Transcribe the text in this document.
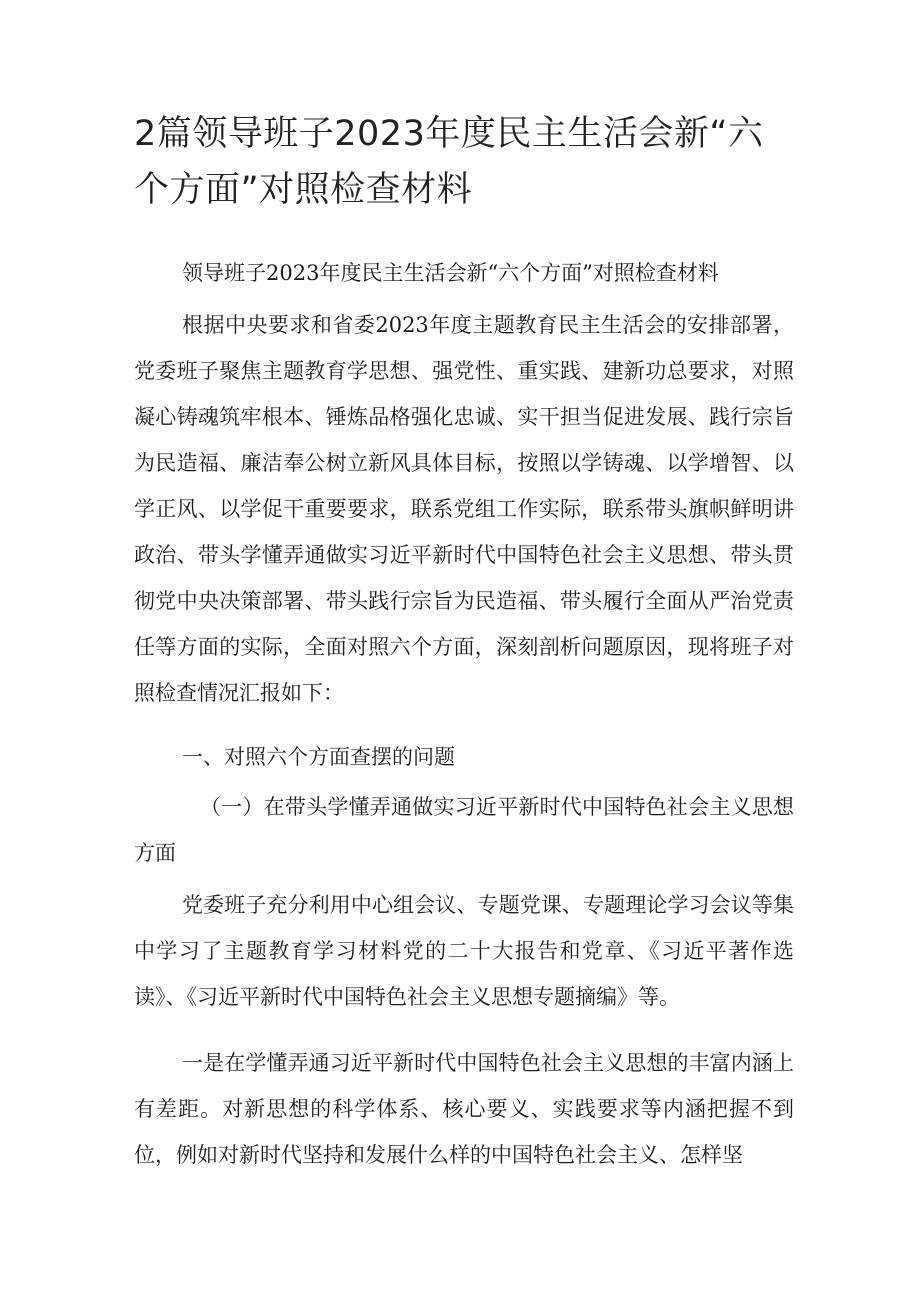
2篇领导班子2023年度民主生活会新“六个方面”对照检查材料

领导班子2023年度民主生活会新“六个方面”对照检查材料

根据中央要求和省委2023年度主题教育民主生活会的安排部署，党委班子聚焦主题教育学思想、强党性、重实践、建新功总要求，对照凝心铸魂筑牢根本、锤炼品格强化忠诚、实干担当促进发展、践行宗旨为民造福、廉洁奉公树立新风具体目标，按照以学铸魂、以学增智、以学正风、以学促干重要要求，联系党组工作实际，联系带头旗帜鲜明讲政治、带头学懂弄通做实习近平新时代中国特色社会主义思想、带头贯彻党中央决策部署、带头践行宗旨为民造福、带头履行全面从严治党责任等方面的实际，全面对照六个方面，深刻剖析问题原因，现将班子对照检查情况汇报如下：

一、对照六个方面查摆的问题

（一）在带头学懂弄通做实习近平新时代中国特色社会主义思想方面

党委班子充分利用中心组会议、专题党课、专题理论学习会议等集中学习了主题教育学习材料党的二十大报告和党章、《习近平著作选读》、《习近平新时代中国特色社会主义思想专题摘编》等。

一是在学懂弄通习近平新时代中国特色社会主义思想的丰富内涵上有差距。对新思想的科学体系、核心要义、实践要求等内涵把握不到位，例如对新时代坚持和发展什么样的中国特色社会主义、怎样坚
